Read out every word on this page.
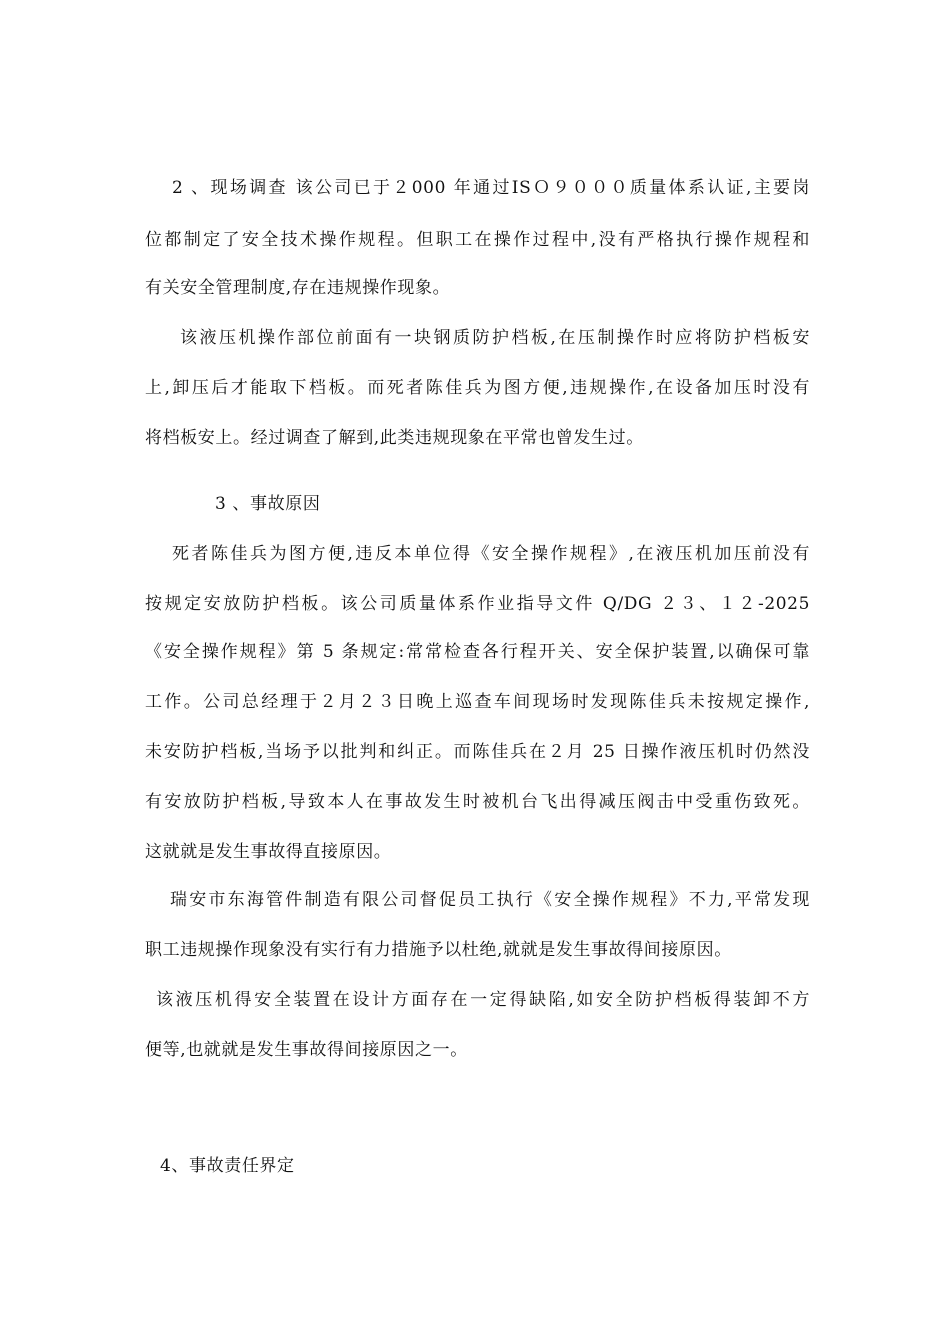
2 、现场调查 该公司已于２000 年通过ISＯ９０００质量体系认证,主要岗
位都制定了安全技术操作规程。但职工在操作过程中,没有严格执行操作规程和
有关安全管理制度,存在违规操作现象。
该液压机操作部位前面有一块钢质防护档板,在压制操作时应将防护档板安
上,卸压后才能取下档板。而死者陈佳兵为图方便,违规操作,在设备加压时没有
将档板安上。经过调查了解到,此类违规现象在平常也曾发生过。
3 、事故原因
死者陈佳兵为图方便,违反本单位得《安全操作规程》,在液压机加压前没有
按规定安放防护档板。该公司质量体系作业指导文件 Q/DG ２３、１２-2025
《安全操作规程》第 5 条规定:常常检查各行程开关、安全保护装置,以确保可靠
工作。公司总经理于２月２３日晚上巡查车间现场时发现陈佳兵未按规定操作,
未安防护档板,当场予以批判和纠正。而陈佳兵在２月 25 日操作液压机时仍然没
有安放防护档板,导致本人在事故发生时被机台飞出得减压阀击中受重伤致死。
这就就是发生事故得直接原因。
瑞安市东海管件制造有限公司督促员工执行《安全操作规程》不力,平常发现
职工违规操作现象没有实行有力措施予以杜绝,就就是发生事故得间接原因。
该液压机得安全装置在设计方面存在一定得缺陷,如安全防护档板得装卸不方
便等,也就就是发生事故得间接原因之一。
4、事故责任界定
